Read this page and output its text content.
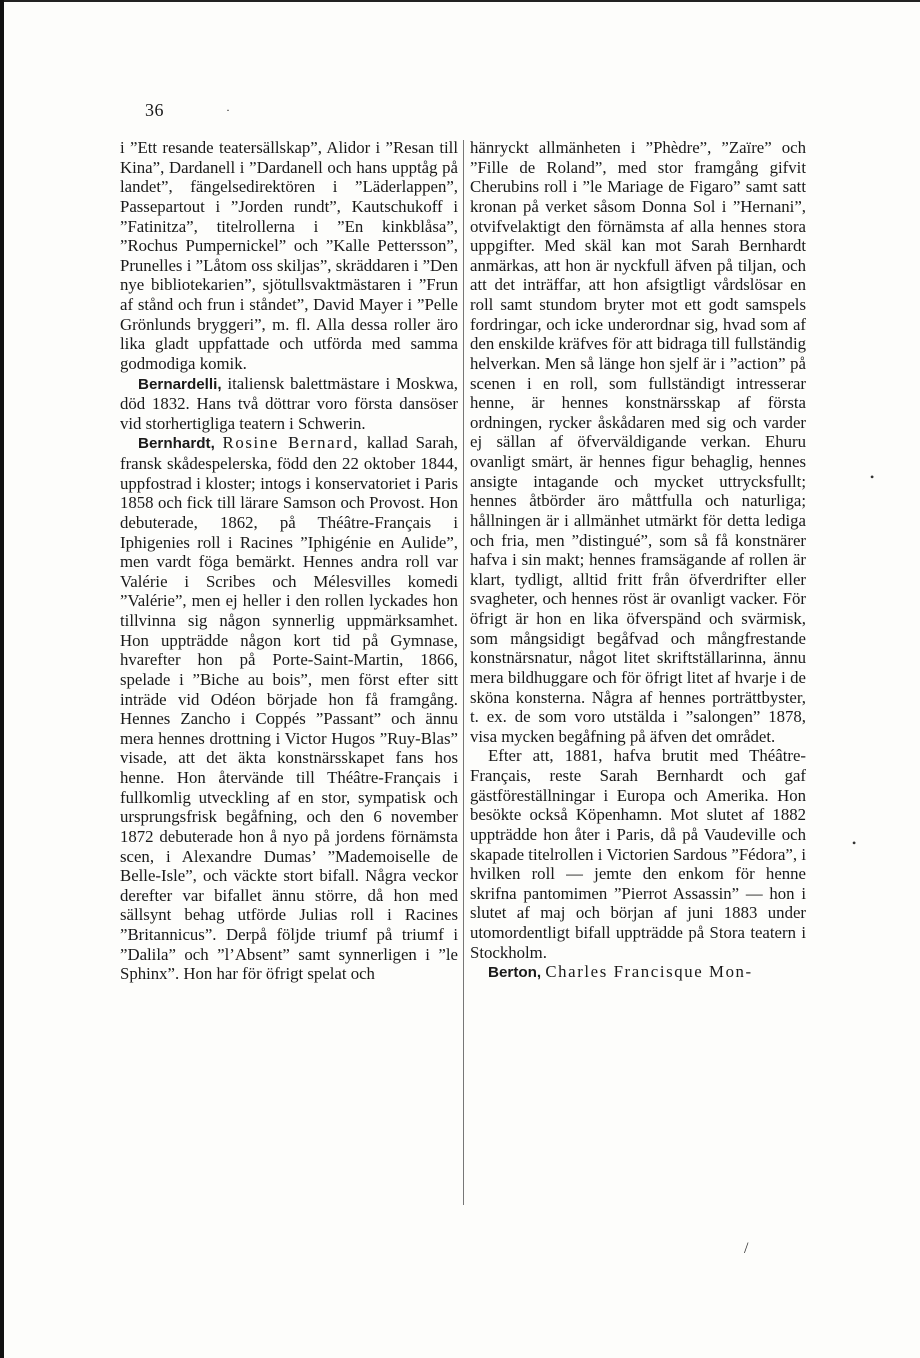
36	·

i ”Ett resande teatersällskap”, Alidor i ”Resan till Kina”, Dardanell i ”Dardanell och hans upptåg på landet”, fängelsedirektören i ”Läderlappen”, Passepartout i ”Jorden rundt”, Kautschukoff i ”Fatinitza”, titelrollerna i ”En kinkblåsa”, ”Rochus Pumpernickel” och ”Kalle Pettersson”, Prunelles i ”Låtom oss skiljas”, skräddaren i ”Den nye bibliotekarien”, sjötullsvaktmästaren i ”Frun af stånd och frun i ståndet”, David Mayer i ”Pelle Grönlunds bryggeri”, m. fl. Alla dessa roller äro lika gladt uppfattade och utförda med samma godmodiga komik.

Bernardelli, italiensk balettmästare i Moskwa, död 1832. Hans två döttrar voro första dansöser vid storhertigliga teatern i Schwerin.

Bernhardt, Rosine Bernard, kallad Sarah, fransk skådespelerska, född den 22 oktober 1844, uppfostrad i kloster; intogs i konservatoriet i Paris 1858 och fick till lärare Samson och Provost. Hon debuterade, 1862, på Théâtre-Français i Iphigenies roll i Racines ”Iphigénie en Aulide”, men vardt föga bemärkt. Hennes andra roll var Valérie i Scribes och Mélesvilles komedi ”Valérie”, men ej heller i den rollen lyckades hon tillvinna sig någon synnerlig uppmärksamhet. Hon uppträdde någon kort tid på Gymnase, hvarefter hon på Porte-Saint-Martin, 1866, spelade i ”Biche au bois”, men först efter sitt inträde vid Odéon började hon få framgång. Hennes Zancho i Coppés ”Passant” och ännu mera hennes drottning i Victor Hugos ”Ruy-Blas” visade, att det äkta konstnärsskapet fans hos henne. Hon återvände till Théâtre-Français i fullkomlig utveckling af en stor, sympatisk och ursprungsfrisk begåfning, och den 6 november 1872 debuterade hon å nyo på jordens förnämsta scen, i Alexandre Dumas’ ”Mademoiselle de Belle-Isle”, och väckte stort bifall. Några veckor derefter var bifallet ännu större, då hon med sällsynt behag utförde Julias roll i Racines ”Britannicus”. Derpå följde triumf på triumf i ”Dalila” och ”l’Absent” samt synnerligen i ”le Sphinx”. Hon har för öfrigt spelat och

hänryckt allmänheten i ”Phèdre”, ”Zaïre” och ”Fille de Roland”, med stor framgång gifvit Cherubins roll i ”le Mariage de Figaro” samt satt kronan på verket såsom Donna Sol i ”Hernani”, otvifvelaktigt den förnämsta af alla hennes stora uppgifter. Med skäl kan mot Sarah Bernhardt anmärkas, att hon är nyckfull äfven på tiljan, och att det inträffar, att hon afsigtligt vårdslösar en roll samt stundom bryter mot ett godt samspels fordringar, och icke underordnar sig, hvad som af den enskilde kräfves för att bidraga till fullständig helverkan. Men så länge hon sjelf är i ”action” på scenen i en roll, som fullständigt intresserar henne, är hennes konstnärsskap af första ordningen, rycker åskådaren med sig och varder ej sällan af öfverväldigande verkan. Ehuru ovanligt smärt, är hennes figur behaglig, hennes ansigte intagande och mycket uttrycksfullt; hennes åtbörder äro måttfulla och naturliga; hållningen är i allmänhet utmärkt för detta lediga och fria, men ”distingué”, som så få konstnärer hafva i sin makt; hennes framsägande af rollen är klart, tydligt, alltid fritt från öfverdrifter eller svagheter, och hennes röst är ovanligt vacker. För öfrigt är hon en lika öfverspänd och svärmisk, som mångsidigt begåfvad och mångfrestande konstnärsnatur, något litet skriftställarinna, ännu mera bildhuggare och för öfrigt litet af hvarje i de sköna konsterna. Några af hennes porträttbyster, t. ex. de som voro utstälda i ”salongen” 1878, visa mycken begåfning på äfven det området.

Efter att, 1881, hafva brutit med Théâtre-Français, reste Sarah Bernhardt och gaf gästföreställningar i Europa och Amerika. Hon besökte också Köpenhamn. Mot slutet af 1882 uppträdde hon åter i Paris, då på Vaudeville och skapade titelrollen i Victorien Sardous ”Fédora”, i hvilken roll — jemte den enkom för henne skrifna pantomimen ”Pierrot Assassin” — hon i slutet af maj och början af juni 1883 under utomordentligt bifall uppträdde på Stora teatern i Stockholm.

Berton, Charles Francisque Mon-

•
•
/
